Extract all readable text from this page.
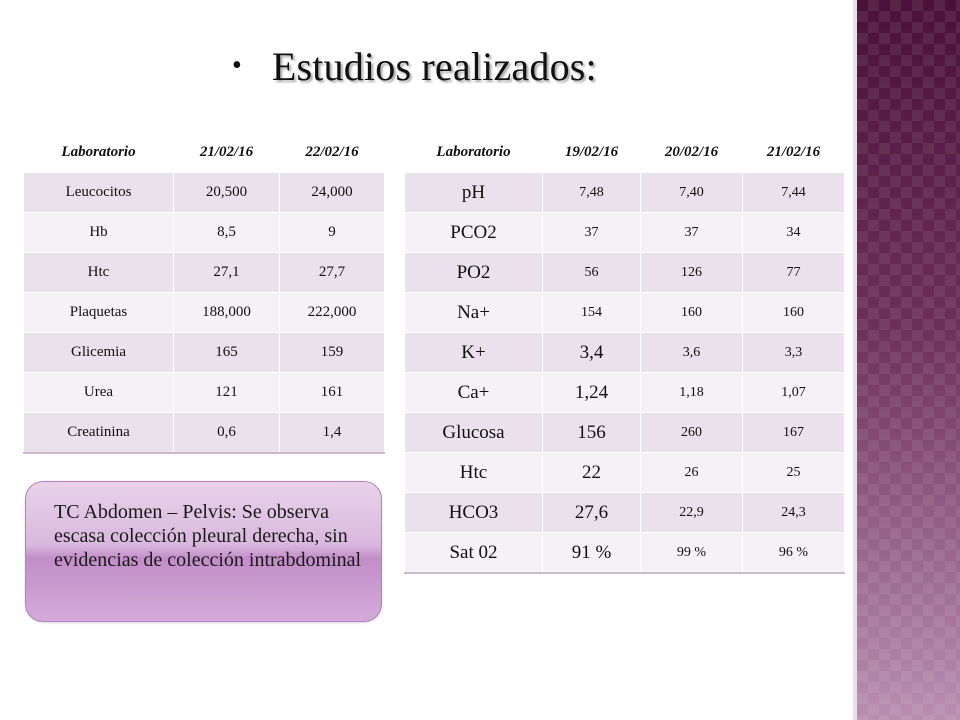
• Estudios realizados:
Laboratorio	21/02/16	22/02/16
Leucocitos	20,500	24,000
Hb	8,5	9
Htc	27,1	27,7
Plaquetas	188,000	222,000
Glicemia	165	159
Urea	121	161
Creatinina	0,6	1,4
Laboratorio	19/02/16	20/02/16	21/02/16
pH	7,48	7,40	7,44
PCO2	37	37	34
PO2	56	126	77
Na+	154	160	160
K+	3,4	3,6	3,3
Ca+	1,24	1,18	1,07
Glucosa	156	260	167
Htc	22	26	25
HCO3	27,6	22,9	24,3
Sat 02	91 %	99 %	96 %
TC Abdomen – Pelvis: Se observa escasa colección pleural derecha, sin evidencias de colección intrabdominal
